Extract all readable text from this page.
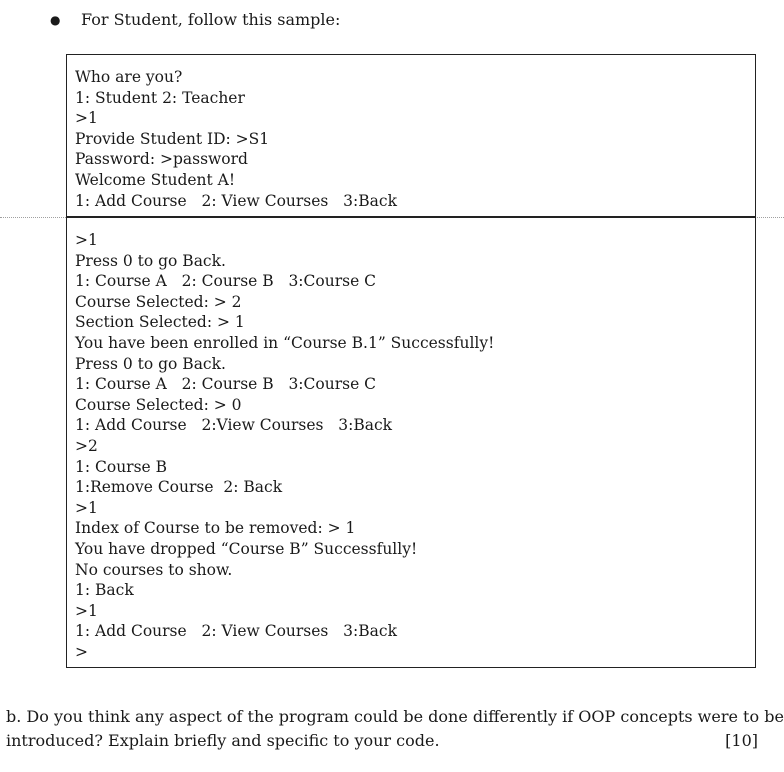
● For Student, follow this sample:
Who are you?
1: Student 2: Teacher
>1
Provide Student ID: >S1
Password: >password
Welcome Student A!
1: Add Course   2: View Courses   3:Back
>1
Press 0 to go Back.
1: Course A   2: Course B   3:Course C
Course Selected: > 2
Section Selected: > 1
You have been enrolled in “Course B.1” Successfully!
Press 0 to go Back.
1: Course A   2: Course B   3:Course C
Course Selected: > 0
1: Add Course   2:View Courses   3:Back
>2
1: Course B
1:Remove Course  2: Back
>1
Index of Course to be removed: > 1
You have dropped “Course B” Successfully!
No courses to show.
1: Back
>1
1: Add Course   2: View Courses   3:Back
>
b. Do you think any aspect of the program could be done differently if OOP concepts were to be
introduced? Explain briefly and specific to your code.	[10]
